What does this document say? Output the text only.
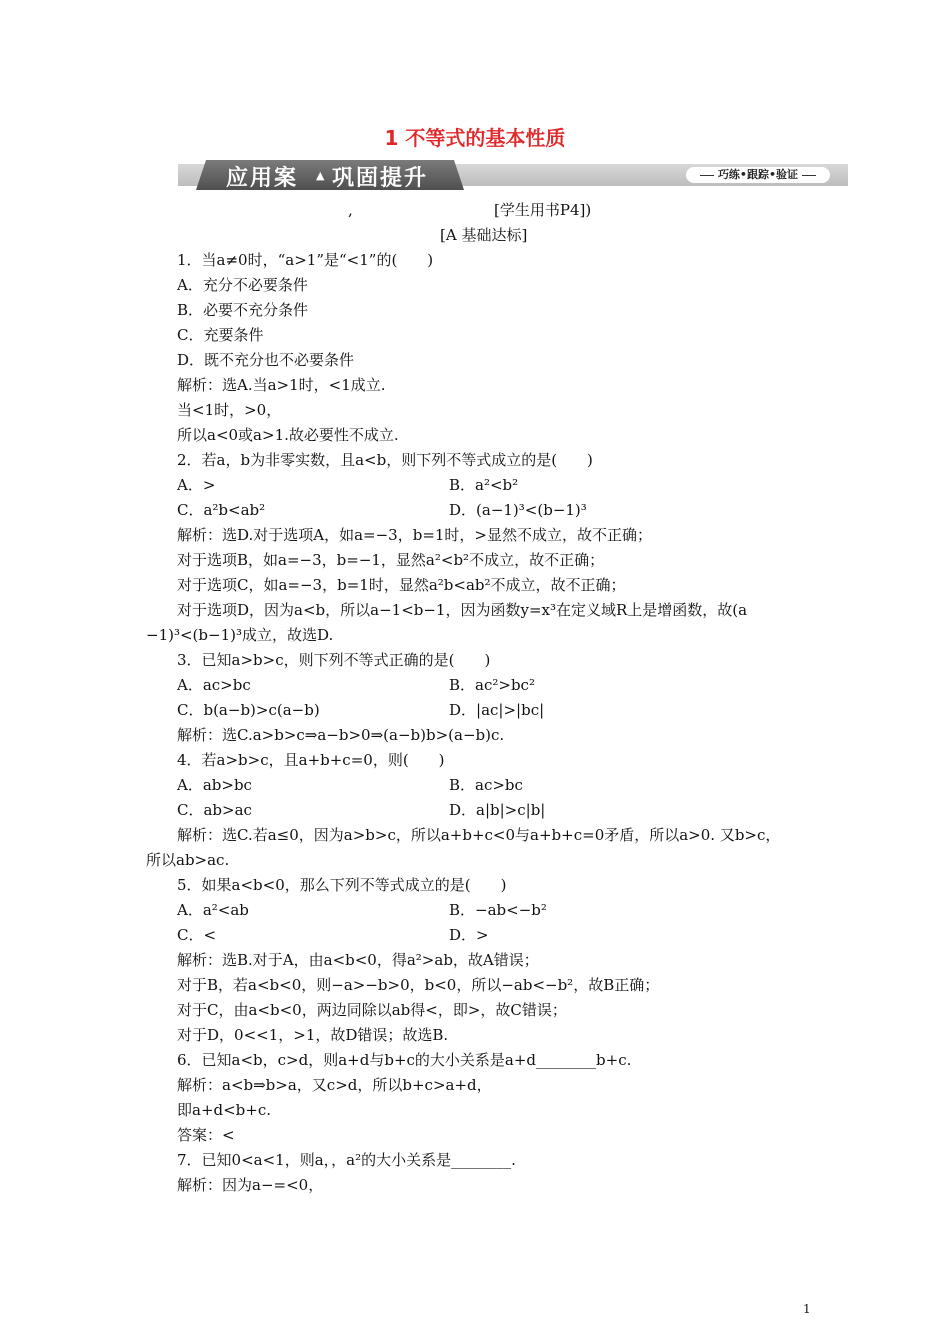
1 不等式的基本性质
应用案 ▲ 巩固提升	巧练•跟踪•验证
,	[学生用书P4])
[A 基础达标]
1．当a≠0时，“a>1”是“<1”的(　　)
A．充分不必要条件
B．必要不充分条件
C．充要条件
D．既不充分也不必要条件
解析：选A.当a>1时，<1成立.
当<1时，>0，
所以a<0或a>1.故必要性不成立.
2．若a，b为非零实数，且a<b，则下列不等式成立的是(　　)
A．>	B．a²<b²
C．a²b<ab²	D．(a−1)³<(b−1)³
解析：选D.对于选项A，如a=−3，b=1时，>显然不成立，故不正确；
对于选项B，如a=−3，b=−1，显然a²<b²不成立，故不正确；
对于选项C，如a=−3，b=1时，显然a²b<ab²不成立，故不正确；
对于选项D，因为a<b，所以a−1<b−1，因为函数y=x³在定义域R上是增函数，故(a
−1)³<(b−1)³成立，故选D.
3．已知a>b>c，则下列不等式正确的是(　　)
A．ac>bc	B．ac²>bc²
C．b(a−b)>c(a−b)	D．|ac|>|bc|
解析：选C.a>b>c⇒a−b>0⇒(a−b)b>(a−b)c.
4．若a>b>c，且a+b+c=0，则(　　)
A．ab>bc	B．ac>bc
C．ab>ac	D．a|b|>c|b|
解析：选C.若a≤0，因为a>b>c，所以a+b+c<0与a+b+c=0矛盾，所以a>0. 又b>c，
所以ab>ac.
5．如果a<b<0，那么下列不等式成立的是(　　)
A．a²<ab	B．−ab<−b²
C．<	D．>
解析：选B.对于A，由a<b<0，得a²>ab，故A错误；
对于B，若a<b<0，则−a>−b>0，b<0，所以−ab<−b²，故B正确；
对于C，由a<b<0，两边同除以ab得<，即>，故C错误；
对于D，0<<1，>1，故D错误；故选B.
6．已知a<b，c>d，则a+d与b+c的大小关系是a+d________b+c.
解析：a<b⇒b>a，又c>d，所以b+c>a+d，
即a+d<b+c.
答案：<
7．已知0<a<1，则a，，a²的大小关系是________.
解析：因为a−=<0，
1
